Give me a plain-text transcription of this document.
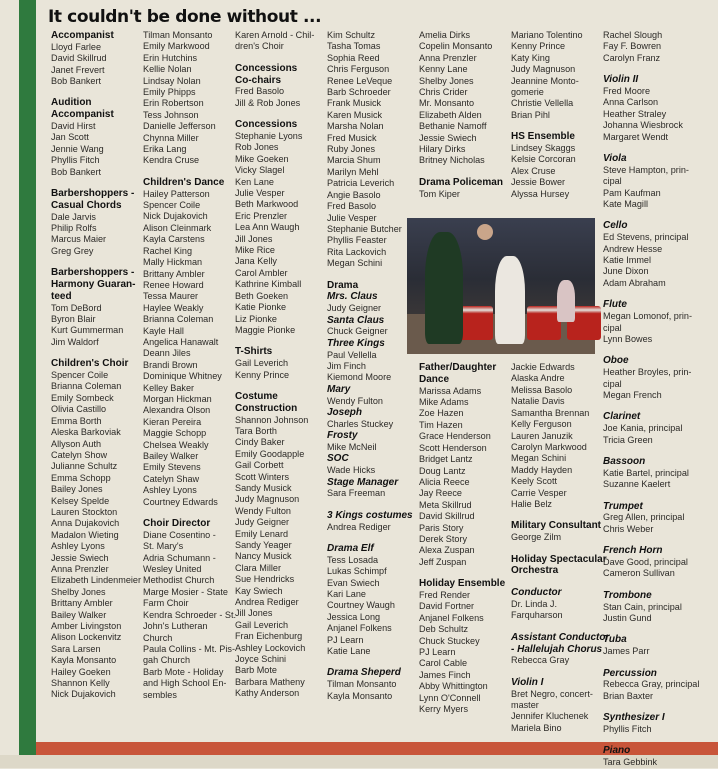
It couldn't be done without ...
Accompanist
Lloyd Farlee
David Skillrud
Janet Frevert
Bob Bankert
Audition
Accompanist
David Hirst
Jan Scott
Jennie Wang
Phyllis Fitch
Bob Bankert
Barbershoppers -
Casual Chords
Dale Jarvis
Philip Rolfs
Marcus Maier
Greg Grey
Barbershoppers -
Harmony Guaran-
teed
Tom DeBord
Byron Blair
Kurt Gummerman
Jim Waldorf
Children's Choir
Spencer Coile
Brianna Coleman
Emily Sombeck
Olivia Castillo
Emma Borth
Aleska Barkoviak
Allyson Auth
Catelyn Show
Julianne Schultz
Emma Schopp
Bailey Jones
Kelsey Spelde
Lauren Stockton
Anna Dujakovich
Madalon Wieting
Ashley Lyons
Jessie Swiech
Anna Prenzler
Elizabeth Lindenmeier
Shelby Jones
Brittany Ambler
Bailey Walker
Amber Livingston
Alison Lockenvitz
Sara Larsen
Kayla Monsanto
Hailey Goeken
Shannon Kelly
Nick Dujakovich
Tilman Monsanto
Emily Markwood
Erin Hutchins
Kellie Nolan
Lindsay Nolan
Emily Phipps
Erin Robertson
Tess Johnson
Danielle Jefferson
Chynna Miller
Erika Lang
Kendra Cruse
Children's Dance
Hailey Patterson
Spencer Coile
Nick Dujakovich
Alison Cleinmark
Kayla Carstens
Rachel King
Mally Hickman
Brittany Ambler
Renee Howard
Tessa Maurer
Haylee Weakly
Brianna Coleman
Kayle Hall
Angelica Hanawalt
Deann Jiles
Brandi Brown
Dominique Whitney
Kelley Baker
Morgan Hickman
Alexandra Olson
Kieran Pereira
Maggie Schopp
Chelsea Weakly
Bailey Walker
Emily Stevens
Catelyn Shaw
Ashley Lyons
Courtney Edwards
Choir Director
Diane Cosentino -
St. Mary's
Adria Schumann -
Wesley United
Methodist Church
Marge Mosier - State
Farm Choir
Kendra Schroeder - St.
John's Lutheran
Church
Paula Collins - Mt. Pis-
gah Church
Barb Mote - Holiday
and High School En-
sembles
Karen Arnold - Chil-
dren's Choir
Concessions
Co-chairs
Fred Basolo
Jill & Rob Jones
Concessions
Stephanie Lyons
Rob Jones
Mike Goeken
Vicky Slagel
Ken Lane
Julie Vesper
Beth Markwood
Eric Prenzler
Lea Ann Waugh
Jill Jones
Mike Rice
Jana Kelly
Carol Ambler
Kathrine Kimball
Beth Goeken
Katie Pionke
Liz Pionke
Maggie Pionke
T-Shirts
Gail Leverich
Kenny Prince
Costume
Construction
Shannon Johnson
Tara Borth
Cindy Baker
Emily Goodapple
Gail Corbett
Scott Winters
Sandy Musick
Judy Magnuson
Wendy Fulton
Judy Geigner
Emily Lenard
Sandy Yeager
Nancy Musick
Clara Miller
Sue Hendricks
Kay Swiech
Andrea Rediger
Jill Jones
Gail Leverich
Fran Eichenburg
Ashley Lockovich
Joyce Schini
Barb Mote
Barbara Matheny
Kathy Anderson
Kim Schultz
Tasha Tomas
Sophia Reed
Chris Ferguson
Renee LeVeque
Barb Schroeder
Frank Musick
Karen Musick
Marsha Nolan
Fred Musick
Ruby Jones
Marcia Shum
Marilyn Mehl
Patricia Leverich
Angie Basolo
Fred Basolo
Julie Vesper
Stephanie Butcher
Phyllis Feaster
Rita Lackovich
Megan Schini
Drama
Mrs. Claus
Judy Geigner
Santa Claus
Chuck Geigner
Three Kings
Paul Vellella
Jim Finch
Kiemond Moore
Mary
Wendy Fulton
Joseph
Charles Stuckey
Frosty
Mike McNeil
SOC
Wade Hicks
Stage Manager
Sara Freeman
3 Kings costumes
Andrea Rediger
Drama Elf
Tess Losada
Lukas Schimpf
Evan Swiech
Kari Lane
Courtney Waugh
Jessica Long
Anjanel Folkens
PJ Learn
Katie Lane
Drama Sheperd
Tilman Monsanto
Kayla Monsanto
Amelia Dirks
Copelin Monsanto
Anna Prenzler
Kenny Lane
Shelby Jones
Chris Crider
Mr. Monsanto
Elizabeth Alden
Bethanie Namoff
Jessie Swiech
Hilary Dirks
Britney Nicholas
Drama Policeman
Tom Kiper
Father/Daughter
Dance
Marissa Adams
Mike Adams
Zoe Hazen
Tim Hazen
Grace Henderson
Scott Henderson
Bridget Lantz
Doug Lantz
Alicia Reece
Jay Reece
Meta Skillrud
David Skillrud
Paris Story
Derek Story
Alexa Zuspan
Jeff Zuspan
Holiday Ensemble
Fred Render
David Fortner
Anjanel Folkens
Deb Schultz
Chuck Stuckey
PJ Learn
Carol Cable
James Finch
Abby Whittington
Lynn O'Connell
Kerry Myers
Mariano Tolentino
Kenny Prince
Katy King
Judy Magnuson
Jeannine Monto-
gomerie
Christie Vellella
Brian Pihl
HS Ensemble
Lindsey Skaggs
Kelsie Corcoran
Alex Cruse
Jessie Bower
Alyssa Hursey
Jackie Edwards
Alaska Andre
Melissa Basolo
Natalie Davis
Samantha Brennan
Kelly Ferguson
Lauren Januzik
Carolyn Markwood
Megan Schini
Maddy Hayden
Keely Scott
Carrie Vesper
Halie Belz
Military Consultant
George Zilm
Holiday Spectacular
Orchestra
Conductor
Dr. Linda J.
Farquharson
Assistant Conductor
- Hallelujah Chorus
Rebecca Gray
Violin I
Bret Negro, concert-
master
Jennifer Kluchenek
Mariela Bino
Rachel Slough
Fay F. Bowren
Carolyn Franz
Violin II
Fred Moore
Anna Carlson
Heather Straley
Johanna Wiesbrock
Margaret Wendt
Viola
Steve Hampton, prin-
cipal
Pam Kaufman
Kate Magill
Cello
Ed Stevens, principal
Andrew Hesse
Katie Immel
June Dixon
Adam Abraham
Flute
Megan Lomonof, prin-
cipal
Lynn Bowes
Oboe
Heather Broyles, prin-
cipal
Megan French
Clarinet
Joe Kania, principal
Tricia Green
Bassoon
Katie Bartel, principal
Suzanne Kaelert
Trumpet
Greg Allen, principal
Chris Weber
French Horn
Dave Good, principal
Cameron Sullivan
Trombone
Stan Cain, principal
Justin Gund
Tuba
James Parr
Percussion
Rebecca Gray, principal
Brian Baxter
Synthesizer I
Phyllis Fitch
Piano
Tara Gebbink
